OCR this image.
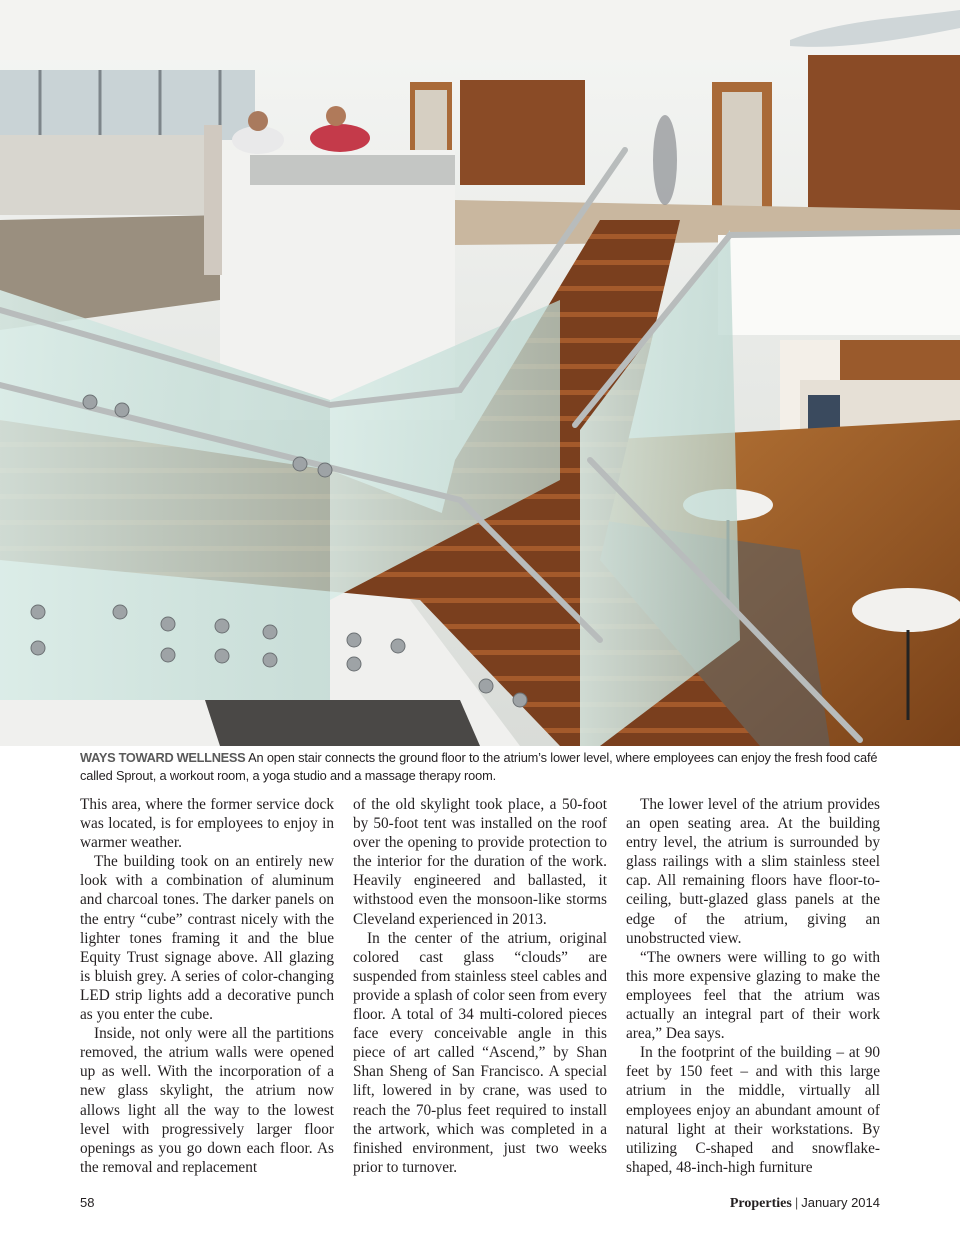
WAYS TOWARD WELLNESS An open stair connects the ground floor to the atrium’s lower level, where employees can enjoy the fresh food café called Sprout, a workout room, a yoga studio and a massage therapy room.

This area, where the former service dock was located, is for employees to enjoy in warmer weather.

The building took on an entirely new look with a combination of aluminum and charcoal tones. The darker panels on the entry “cube” contrast nicely with the lighter tones framing it and the blue Equity Trust signage above. All glazing is bluish grey. A series of color-changing LED strip lights add a decorative punch as you enter the cube.

Inside, not only were all the partitions removed, the atrium walls were opened up as well. With the incorporation of a new glass skylight, the atrium now allows light all the way to the lowest level with progressively larger floor openings as you go down each floor. As the removal and replacement

of the old skylight took place, a 50-foot by 50-foot tent was installed on the roof over the opening to provide protection to the interior for the duration of the work. Heavily engineered and ballasted, it withstood even the monsoon-like storms Cleveland experienced in 2013.

In the center of the atrium, original colored cast glass “clouds” are suspended from stainless steel cables and provide a splash of color seen from every floor. A total of 34 multi-colored pieces face every conceivable angle in this piece of art called “Ascend,” by Shan Shan Sheng of San Francisco. A special lift, lowered in by crane, was used to reach the 70-plus feet required to install the artwork, which was completed in a finished environment, just two weeks prior to turnover.

The lower level of the atrium provides an open seating area. At the building entry level, the atrium is surrounded by glass railings with a slim stainless steel cap. All remaining floors have floor-to-ceiling, butt-glazed glass panels at the edge of the atrium, giving an unobstructed view.

“The owners were willing to go with this more expensive glazing to make the employees feel that the atrium was actually an integral part of their work area,” Dea says.

In the footprint of the building – at 90 feet by 150 feet – and with this large atrium in the middle, virtually all employees enjoy an abundant amount of natural light at their workstations. By utilizing C-shaped and snowflake-shaped, 48-inch-high furniture

58	Properties | January 2014
